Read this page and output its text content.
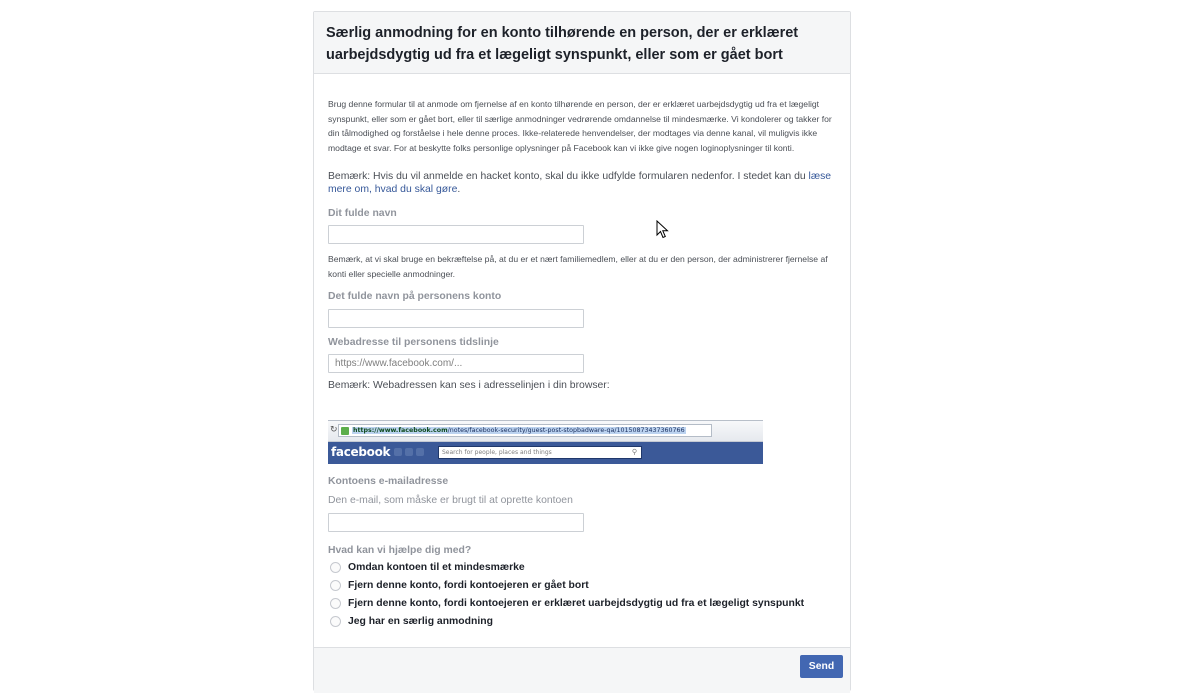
Særlig anmodning for en konto tilhørende en person, der er erklæret uarbejdsdygtig ud fra et lægeligt synspunkt, eller som er gået bort

Brug denne formular til at anmode om fjernelse af en konto tilhørende en person, der er erklæret uarbejdsdygtig ud fra et lægeligt synspunkt, eller som er gået bort, eller til særlige anmodninger vedrørende omdannelse til mindesmærke. Vi kondolerer og takker for din tålmodighed og forståelse i hele denne proces. Ikke-relaterede henvendelser, der modtages via denne kanal, vil muligvis ikke modtage et svar. For at beskytte folks personlige oplysninger på Facebook kan vi ikke give nogen loginoplysninger til konti.

Bemærk: Hvis du vil anmelde en hacket konto, skal du ikke udfylde formularen nedenfor. I stedet kan du læse mere om, hvad du skal gøre.

Dit fulde navn

Bemærk, at vi skal bruge en bekræftelse på, at du er et nært familiemedlem, eller at du er den person, der administrerer fjernelse af konti eller specielle anmodninger.

Det fulde navn på personens konto

Webadresse til personens tidslinje

https://www.facebook.com/...
Bemærk: Webadressen kan ses i adresselinjen i din browser:
↻ https://www.facebook.com/notes/facebook-security/guest-post-stopbadware-qa/10150873437360766
facebook	Search for people, places and things	⚲

Kontoens e-mailadresse

Den e-mail, som måske er brugt til at oprette kontoen

Hvad kan vi hjælpe dig med?

Omdan kontoen til et mindesmærke
Fjern denne konto, fordi kontoejeren er gået bort
Fjern denne konto, fordi kontoejeren er erklæret uarbejdsdygtig ud fra et lægeligt synspunkt
Jeg har en særlig anmodning
Send
